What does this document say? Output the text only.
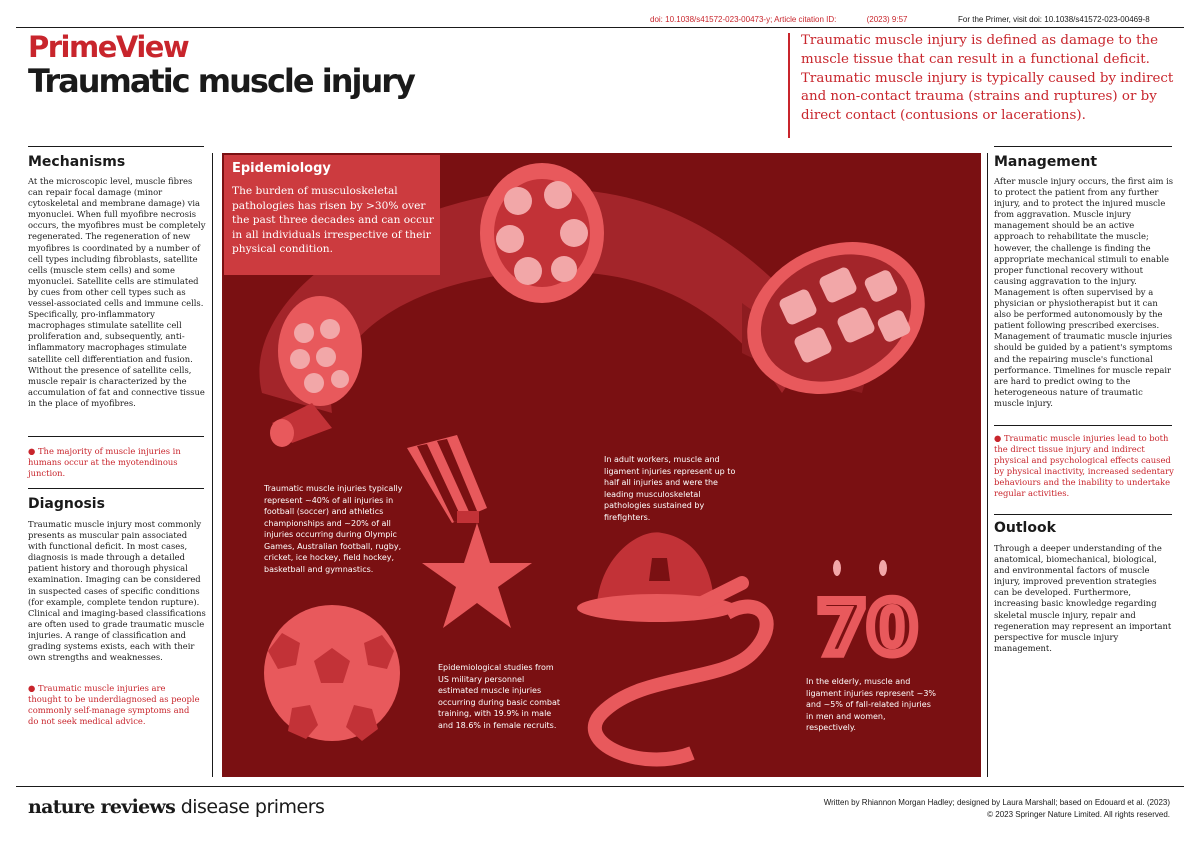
doi: 10.1038/s41572-023-00473-y; Article citation ID:	(2023) 9:57	For the Primer, visit doi: 10.1038/s41572-023-00469-8
PrimeView
Traumatic muscle injury

Traumatic muscle injury is defined as damage to the muscle tissue that can result in a functional deficit. Traumatic muscle injury is typically caused by indirect and non-contact trauma (strains and ruptures) or by direct contact (contusions or lacerations).

Mechanisms

At the microscopic level, muscle fibres can repair focal damage (minor cytoskeletal and membrane damage) via myonuclei. When full myofibre necrosis occurs, the myofibres must be completely regenerated. The regeneration of new myofibres is coordinated by a number of cell types including fibroblasts, satellite cells (muscle stem cells) and some myonuclei. Satellite cells are stimulated by cues from other cell types such as vessel-associated cells and immune cells. Specifically, pro-inflammatory macrophages stimulate satellite cell proliferation and, subsequently, anti-inflammatory macrophages stimulate satellite cell differentiation and fusion. Without the presence of satellite cells, muscle repair is characterized by the accumulation of fat and connective tissue in the place of myofibres.

● The majority of muscle injuries in humans occur at the myotendinous junction.

Diagnosis

Traumatic muscle injury most commonly presents as muscular pain associated with functional deficit. In most cases, diagnosis is made through a detailed patient history and thorough physical examination. Imaging can be considered in suspected cases of specific conditions (for example, complete tendon rupture). Clinical and imaging-based classifications are often used to grade traumatic muscle injuries. A range of classification and grading systems exists, each with their own strengths and weaknesses.

● Traumatic muscle injuries are thought to be underdiagnosed as people commonly self-manage symptoms and do not seek medical advice.

70
Epidemiology

The burden of musculoskeletal pathologies has risen by >30% over the past three decades and can occur in all individuals irrespective of their physical condition.

Traumatic muscle injuries typically represent ~40% of all injuries in football (soccer) and athletics championships and ~20% of all injuries occurring during Olympic Games, Australian football, rugby, cricket, ice hockey, field hockey, basketball and gymnastics.

In adult workers, muscle and ligament injuries represent up to half all injuries and were the leading musculoskeletal pathologies sustained by firefighters.

Epidemiological studies from US military personnel estimated muscle injuries occurring during basic combat training, with 19.9% in male and 18.6% in female recruits.

In the elderly, muscle and ligament injuries represent ~3% and ~5% of fall-related injuries in men and women, respectively.

Management

After muscle injury occurs, the first aim is to protect the patient from any further injury, and to protect the injured muscle from aggravation. Muscle injury management should be an active approach to rehabilitate the muscle; however, the challenge is finding the appropriate mechanical stimuli to enable proper functional recovery without causing aggravation to the injury. Management is often supervised by a physician or physiotherapist but it can also be performed autonomously by the patient following prescribed exercises. Management of traumatic muscle injuries should be guided by a patient's symptoms and the repairing muscle's functional performance. Timelines for muscle repair are hard to predict owing to the heterogeneous nature of traumatic muscle injury.

● Traumatic muscle injuries lead to both the direct tissue injury and indirect physical and psychological effects caused by physical inactivity, increased sedentary behaviours and the inability to undertake regular activities.

Outlook

Through a deeper understanding of the anatomical, biomechanical, biological, and environmental factors of muscle injury, improved prevention strategies can be developed. Furthermore, increasing basic knowledge regarding skeletal muscle injury, repair and regeneration may represent an important perspective for muscle injury management.

nature reviews disease primers	Written by Rhiannon Morgan Hadley; designed by Laura Marshall; based on Edouard et al. (2023)
© 2023 Springer Nature Limited. All rights reserved.
